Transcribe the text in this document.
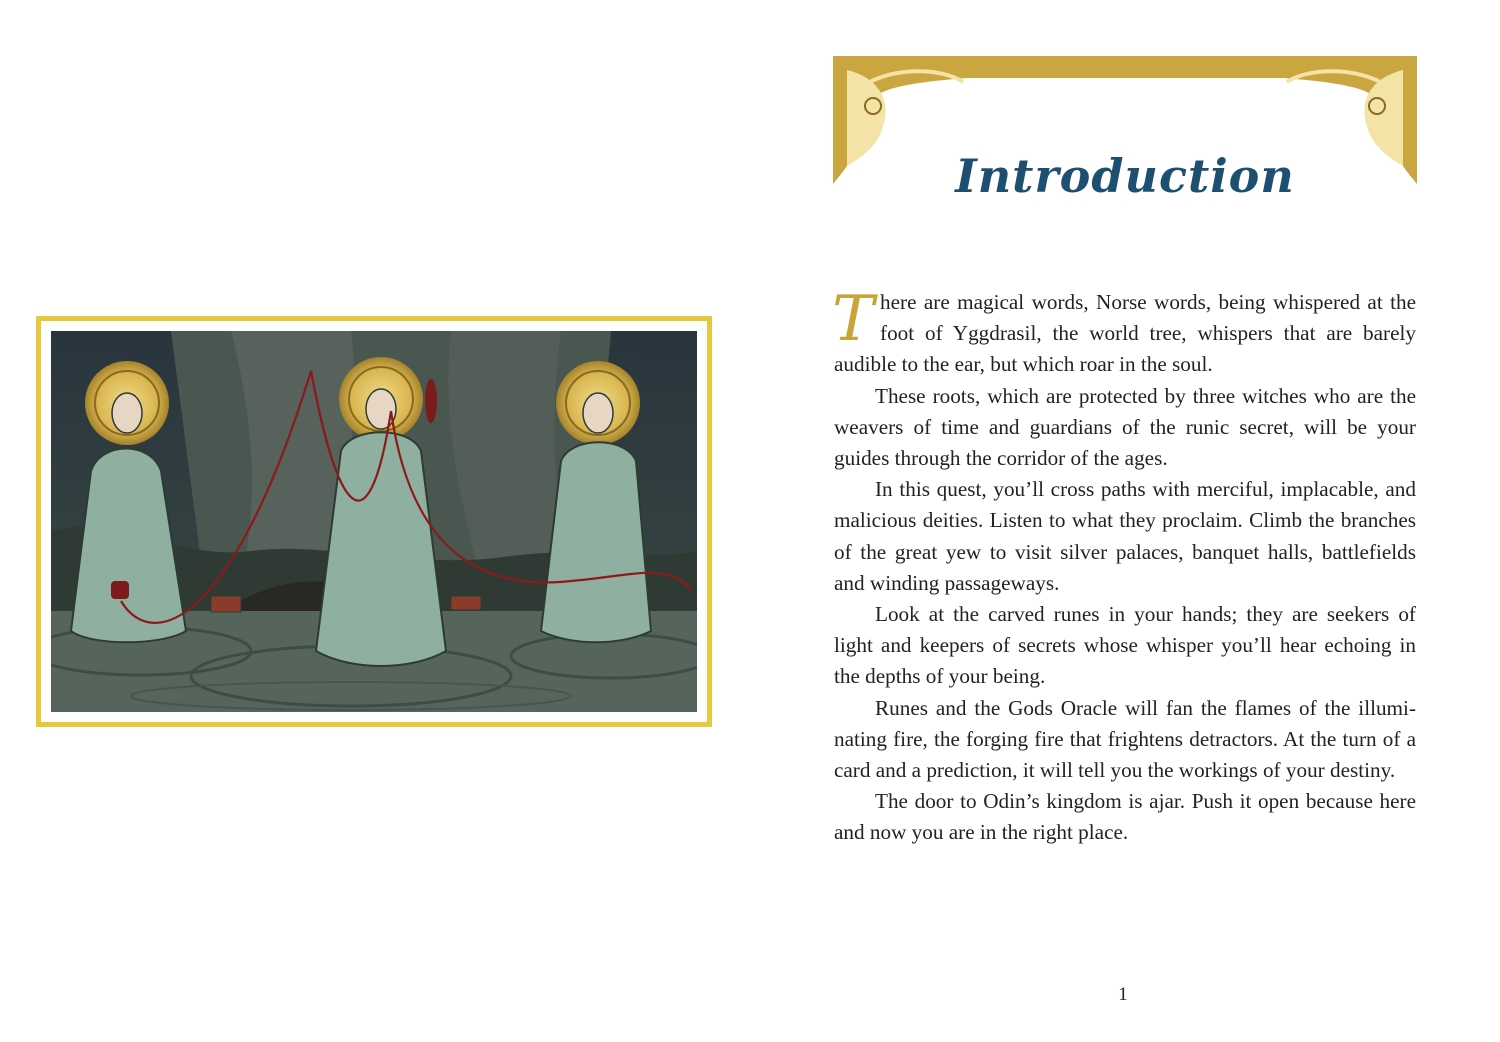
Introduction

There are magical words, Norse words, being whispered at the foot of Yggdrasil, the world tree, whispers that are barely audible to the ear, but which roar in the soul.

These roots, which are protected by three witches who are the weavers of time and guardians of the runic secret, will be your guides through the corridor of the ages.

In this quest, you’ll cross paths with merciful, implacable, and malicious deities. Listen to what they proclaim. Climb the branches of the great yew to visit silver palaces, banquet halls, battlefields and winding passageways.

Look at the carved runes in your hands; they are seekers of light and keepers of secrets whose whisper you’ll hear echoing in the depths of your being.

Runes and the Gods Oracle will fan the flames of the illuminating fire, the forging fire that frightens detractors. At the turn of a card and a prediction, it will tell you the workings of your destiny.

The door to Odin’s kingdom is ajar. Push it open because here and now you are in the right place.

1
